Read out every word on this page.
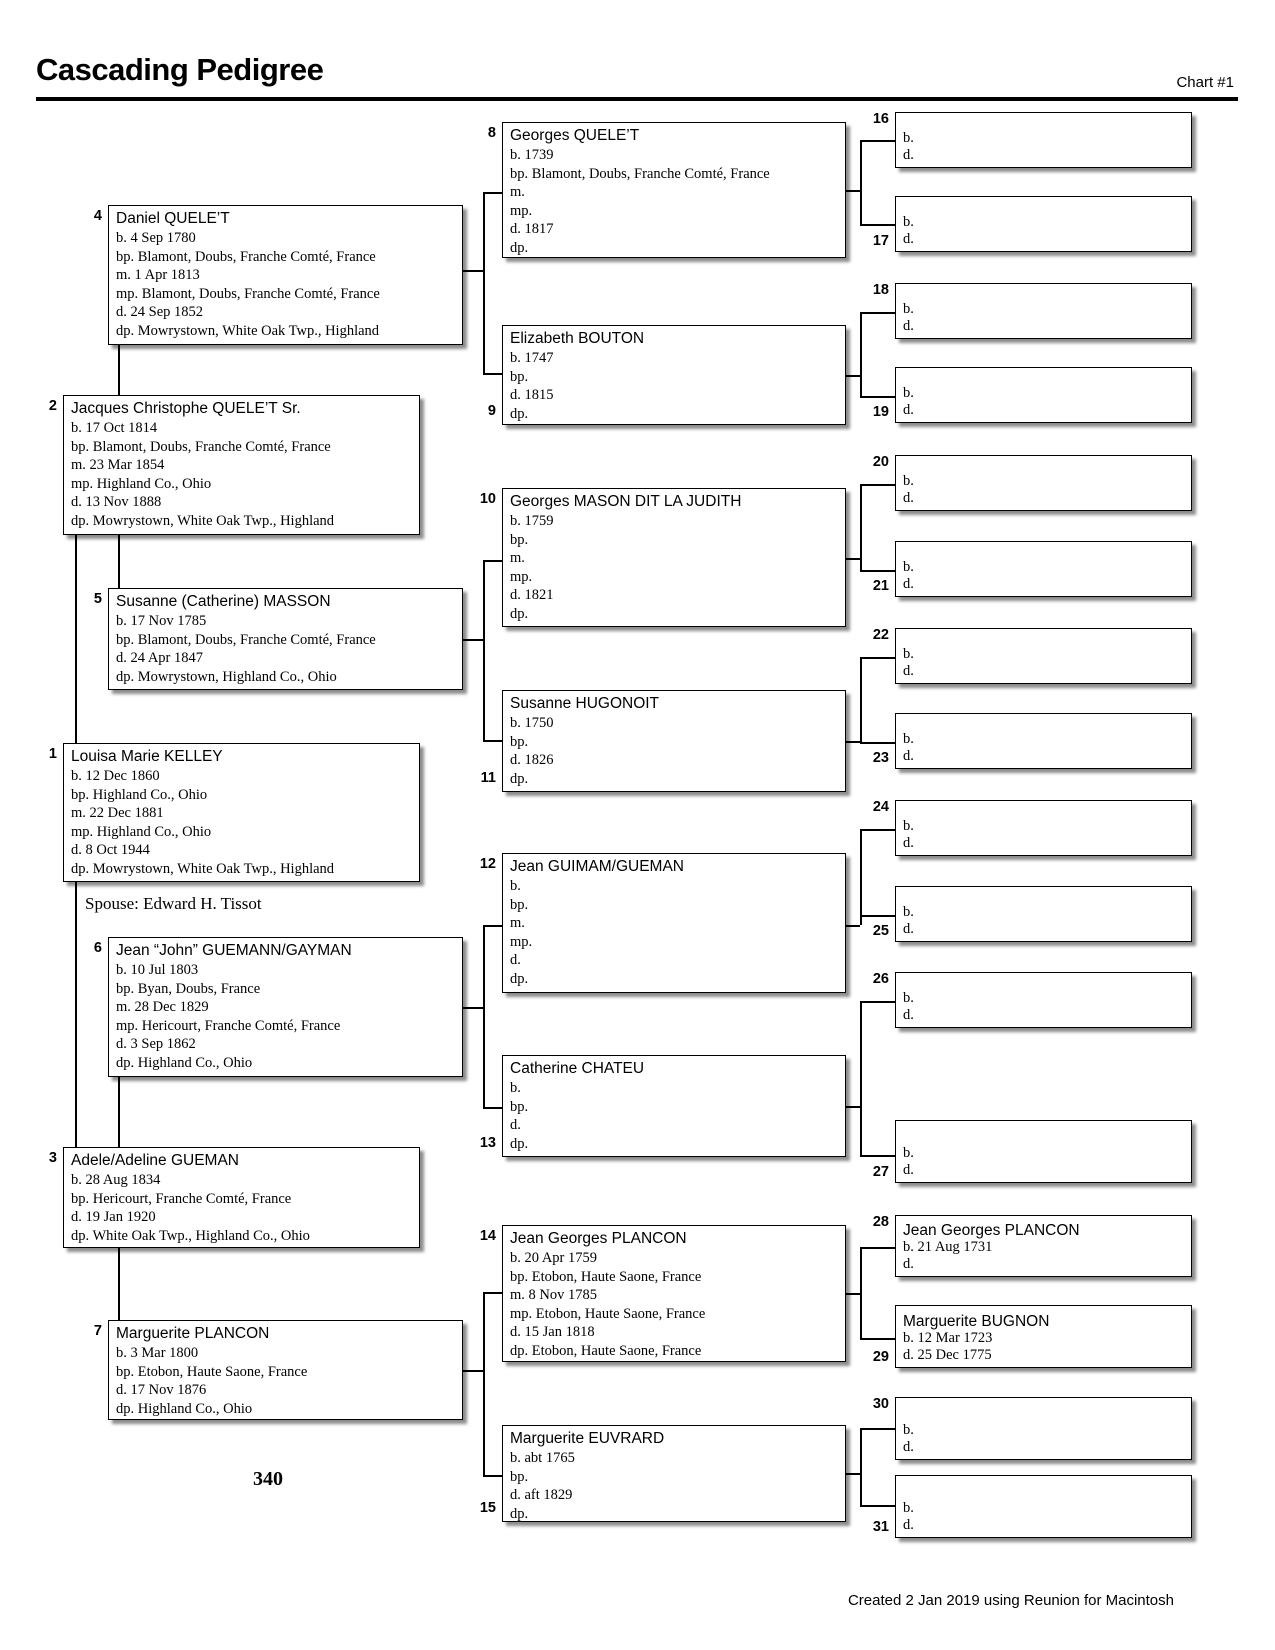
Cascading Pedigree	Chart #1
Louisa Marie KELLEY
b. 12 Dec 1860
bp. Highland Co., Ohio
m. 22 Dec 1881
mp. Highland Co., Ohio
d. 8 Oct 1944
dp. Mowrystown, White Oak Twp., Highland
1
Jacques Christophe QUELE’T Sr.
b. 17 Oct 1814
bp. Blamont, Doubs, Franche Comté, France
m. 23 Mar 1854
mp. Highland Co., Ohio
d. 13 Nov 1888
dp. Mowrystown, White Oak Twp., Highland
2
Adele/Adeline GUEMAN
b. 28 Aug 1834
bp. Hericourt, Franche Comté, France
d. 19 Jan 1920
dp. White Oak Twp., Highland Co., Ohio
3
Daniel QUELE’T
b. 4 Sep 1780
bp. Blamont, Doubs, Franche Comté, France
m. 1 Apr 1813
mp. Blamont, Doubs, Franche Comté, France
d. 24 Sep 1852
dp. Mowrystown, White Oak Twp., Highland
4
Susanne (Catherine) MASSON
b. 17 Nov 1785
bp. Blamont, Doubs, Franche Comté, France
d. 24 Apr 1847
dp. Mowrystown, Highland Co., Ohio
5
Jean “John” GUEMANN/GAYMAN
b. 10 Jul 1803
bp. Byan, Doubs, France
m. 28 Dec 1829
mp. Hericourt, Franche Comté, France
d. 3 Sep 1862
dp. Highland Co., Ohio
6
Marguerite PLANCON
b. 3 Mar 1800
bp. Etobon, Haute Saone, France
d. 17 Nov 1876
dp. Highland Co., Ohio
7
Georges QUELE’T
b. 1739
bp. Blamont, Doubs, Franche Comté, France
m.
mp.
d. 1817
dp.
8
Elizabeth BOUTON
b. 1747
bp.
d. 1815
dp.
9
Georges MASON DIT LA JUDITH
b. 1759
bp.
m.
mp.
d. 1821
dp.
10
Susanne HUGONOIT
b. 1750
bp.
d. 1826
dp.
11
Jean GUIMAM/GUEMAN
b.
bp.
m.
mp.
d.
dp.
12
Catherine CHATEU
b.
bp.
d.
dp.
13
Jean Georges PLANCON
b. 20 Apr 1759
bp. Etobon, Haute Saone, France
m. 8 Nov 1785
mp. Etobon, Haute Saone, France
d. 15 Jan 1818
dp. Etobon, Haute Saone, France
14
Marguerite EUVRARD
b. abt 1765
bp.
d. aft 1829
dp.
15
b.
d.
16
b.
d.
17
b.
d.
18
b.
d.
19
b.
d.
20
b.
d.
21
b.
d.
22
b.
d.
23
b.
d.
24
b.
d.
25
b.
d.
26
b.
d.
27
Jean Georges PLANCON
b. 21 Aug 1731
d.
28
Marguerite BUGNON
b. 12 Mar 1723
d. 25 Dec 1775
29
b.
d.
30
b.
d.
31
Spouse: Edward H. Tissot
340
Created 2 Jan 2019 using Reunion for Macintosh
